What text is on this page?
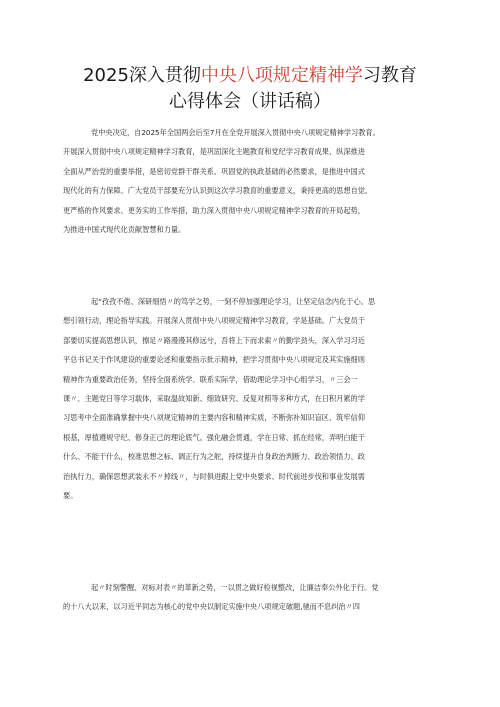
2025深入贯彻中央八项规定精神学习教育
心得体会（讲话稿）
党中央决定，自2025年全国两会后至7月在全党开展深入贯彻中央八项规定精神学习教育。
开展深入贯彻中央八项规定精神学习教育，是巩固深化主题教育和党纪学习教育成果、纵深推进
全面从严治党的重要举措，是密切党群干群关系、巩固党的执政基础的必然要求，是推进中国式
现代化的有力保障。广大党员干部要充分认识到这次学习教育的重要意义，秉持更高的思想自觉、
更严格的作风要求、更务实的工作举措，助力深入贯彻中央八项规定精神学习教育的开局起势，
为推进中国式现代化贡献智慧和力量。
起“孜孜不倦、深研细悟〃的笃学之势，一刻不停加强理论学习，让坚定信念内化于心。思
想引领行动，理论指导实践。开展深入贯彻中央八项规定精神学习教育，学是基础。广大党员干
部要切实提高思想认识，擦足〃路漫漫其修远兮，吾将上下而求索〃的勤学劲头，深入学习习近
平总书记关于作风建设的重要论述和重要指示批示精神，把学习贯彻中央八项规定及其实施细则
精神作为重要政治任务，坚持全面系统学、联系实际学，借助理论学习中心组学习、〃三会一
课〃、主题党日等学习载体，采取温故知新、细致研究、反复对照等多种方式，在日积月累的学
习思考中全面准确掌握中央八项规定精神的主要内容和精神实质，不断弥补知识盲区、筑牢信仰
根基，厚植遵规守纪、修身正己的理论底气。强化融会贯通，学在日常、抓在经常，弄明白能干
什么、不能干什么，校准思想之标、调正行为之舵，持续提升自身政治判断力、政治领悟力、政
治执行力，确保思想武装永不〃掉线〃，与时俱进跟上党中央要求、时代前进步伐和事业发展需
要。
起〃时刻警醒、对标对表〃的革新之势，一以贯之做好检视整改，让廉洁奉公外化于行。党
的十八大以来，以习近平同志为核心的党中央以制定实施中央八项规定破题,驰而不息纠治〃四
